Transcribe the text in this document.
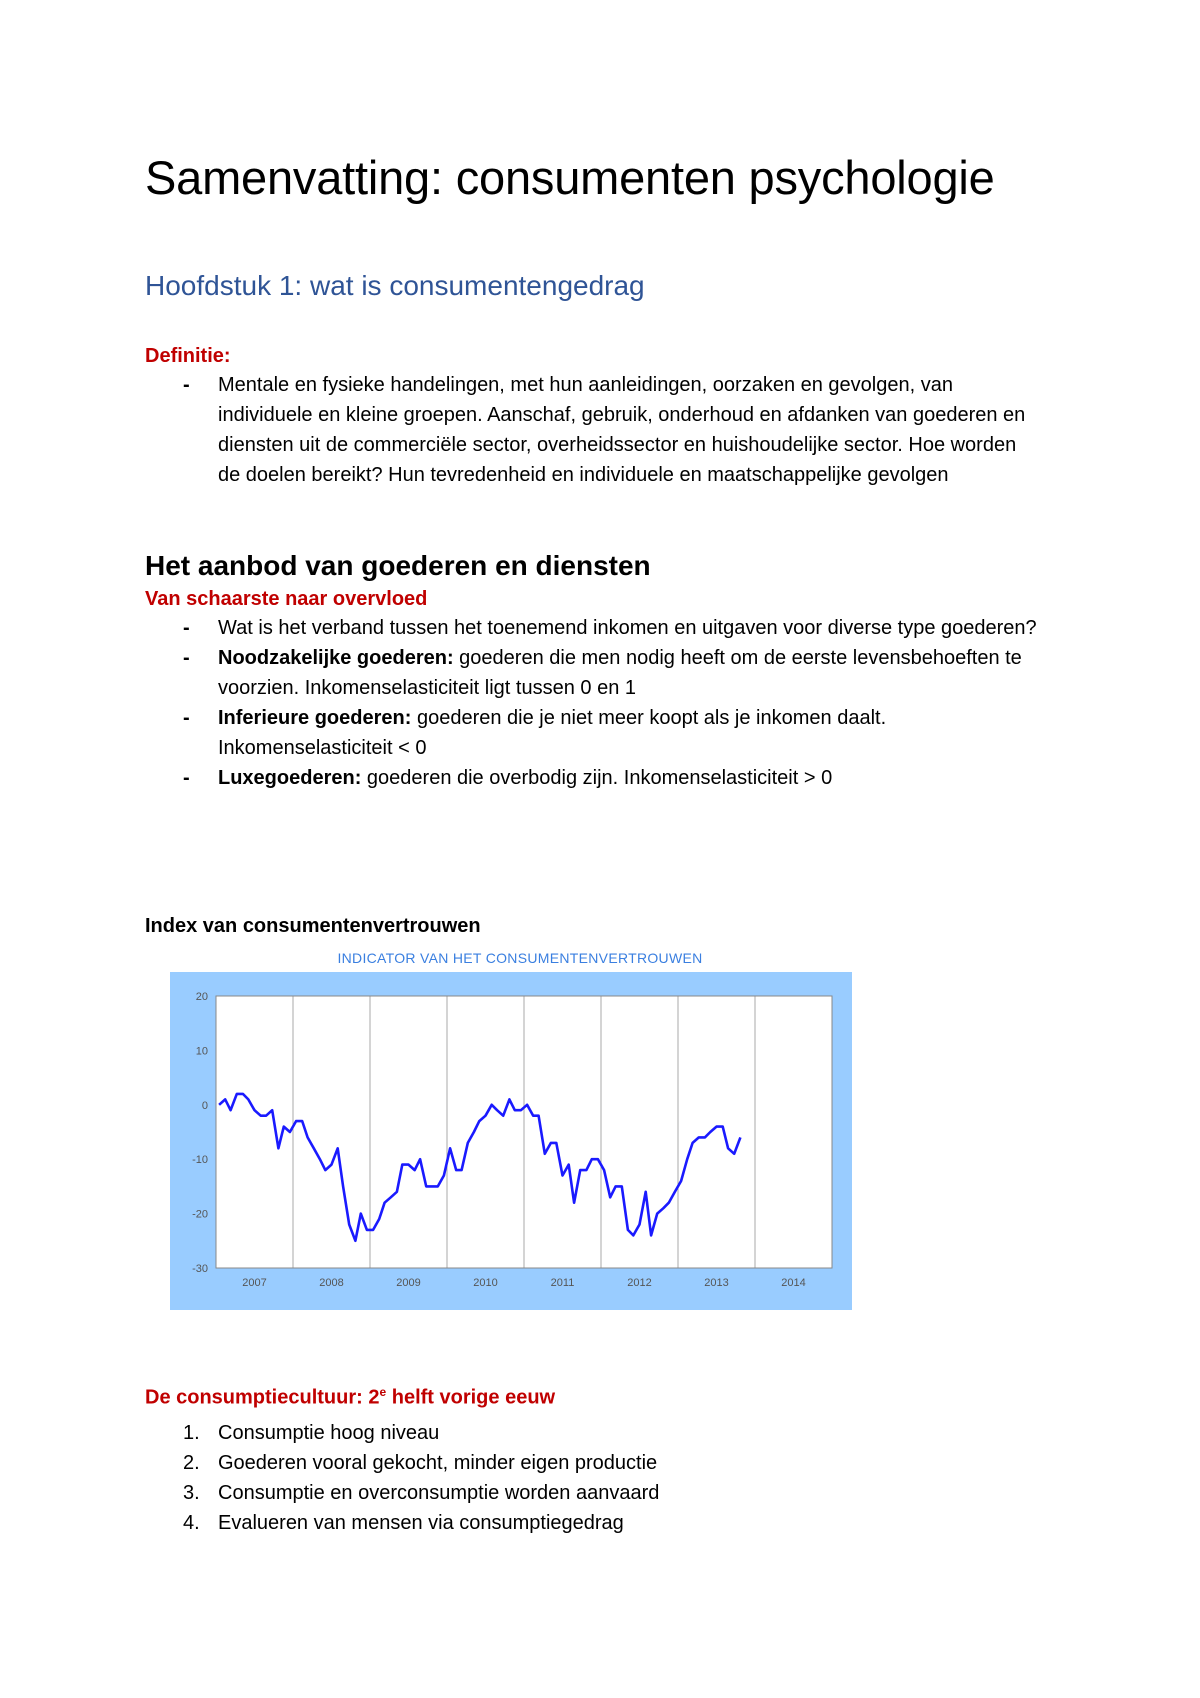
Samenvatting: consumenten psychologie
Hoofdstuk 1: wat is consumentengedrag

Definitie:

- Mentale en fysieke handelingen, met hun aanleidingen, oorzaken en gevolgen, van individuele en kleine groepen. Aanschaf, gebruik, onderhoud en afdanken van goederen en diensten uit de commerciële sector, overheidssector en huishoudelijke sector. Hoe worden de doelen bereikt? Hun tevredenheid en individuele en maatschappelijke gevolgen
Het aanbod van goederen en diensten

Van schaarste naar overvloed

- Wat is het verband tussen het toenemend inkomen en uitgaven voor diverse type goederen?
- Noodzakelijke goederen: goederen die men nodig heeft om de eerste levensbehoeften te voorzien. Inkomenselasticiteit ligt tussen 0 en 1
- Inferieure goederen: goederen die je niet meer koopt als je inkomen daalt. Inkomenselasticiteit < 0
- Luxegoederen: goederen die overbodig zijn. Inkomenselasticiteit > 0

Index van consumentenvertrouwen

INDICATOR VAN HET CONSUMENTENVERTROUWEN
20
10
0
-10
-20
-30
2007	2008	2009	2010	2011	2012	2013	2014

De consumptiecultuur: 2e helft vorige eeuw

1. Consumptie hoog niveau
2. Goederen vooral gekocht, minder eigen productie
3. Consumptie en overconsumptie worden aanvaard
4. Evalueren van mensen via consumptiegedrag
